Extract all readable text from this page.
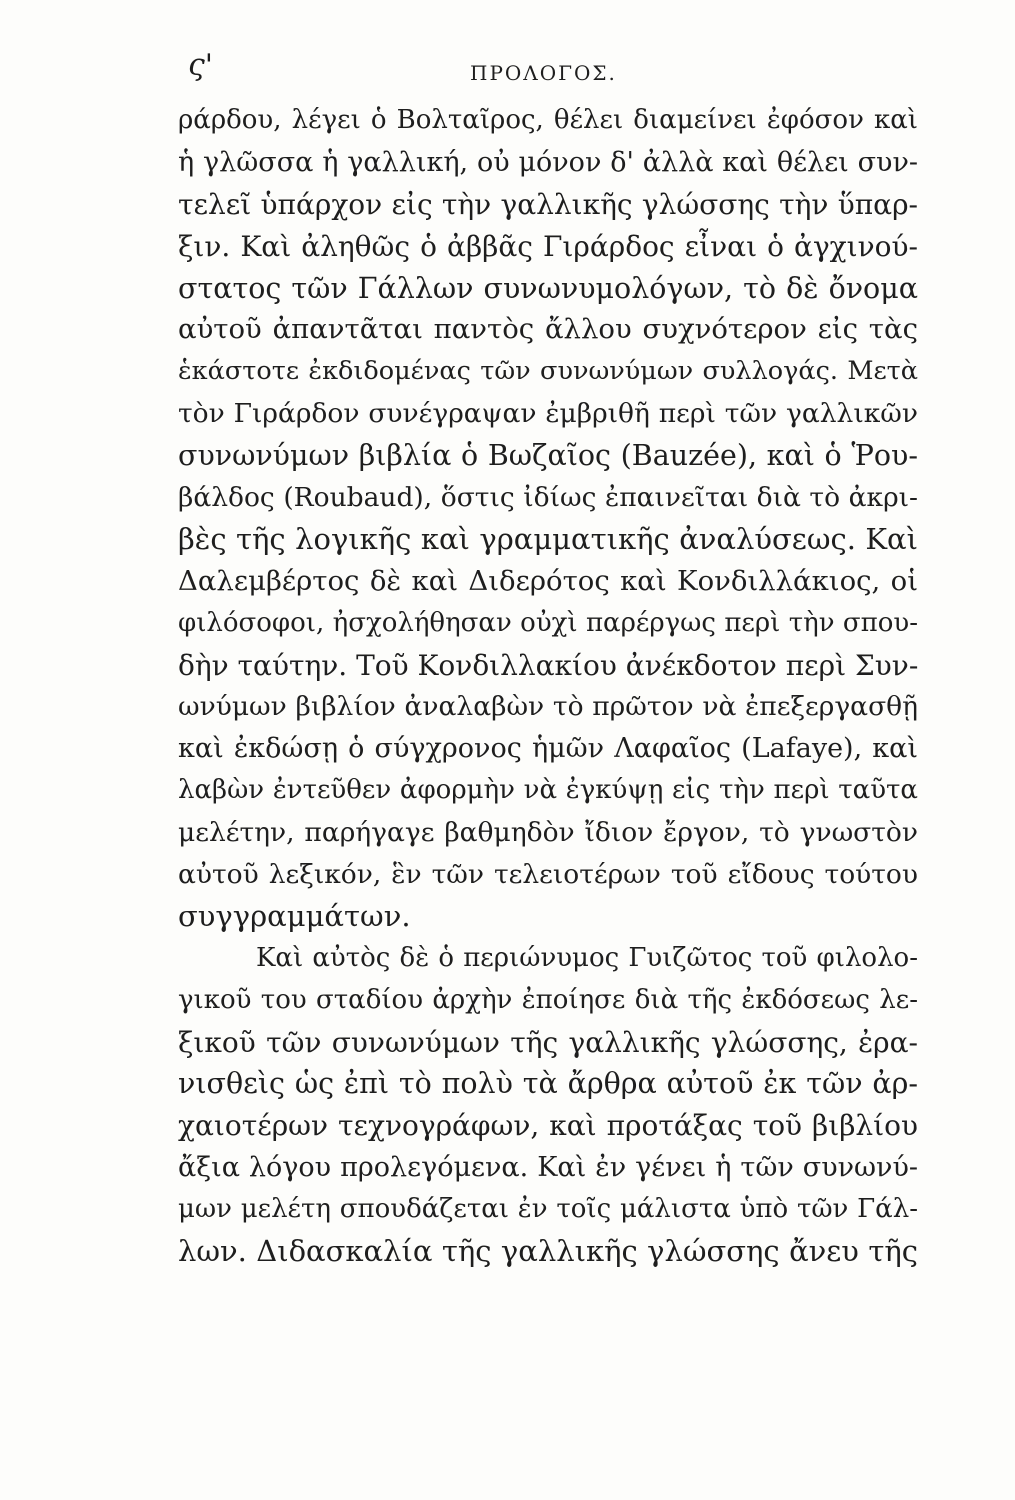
ς'	ΠΡΟΛΟΓΟΣ.
ράρδου, λέγει ὁ Βολταῖρος, θέλει διαμείνει ἐφόσον καὶ
ἡ γλῶσσα ἡ γαλλική, οὐ μόνον δ' ἀλλὰ καὶ θέλει συν-
τελεῖ ὑπάρχον εἰς τὴν γαλλικῆς γλώσσης τὴν ὕπαρ-
ξιν. Καὶ ἀληθῶς ὁ ἀββᾶς Γιράρδος εἶναι ὁ ἀγχινού-
στατος τῶν Γάλλων συνωνυμολόγων, τὸ δὲ ὄνομα
αὐτοῦ ἀπαντᾶται παντὸς ἄλλου συχνότερον εἰς τὰς
ἑκάστοτε ἐκδιδομένας τῶν συνωνύμων συλλογάς. Μετὰ
τὸν Γιράρδον συνέγραψαν ἐμβριθῆ περὶ τῶν γαλλικῶν
συνωνύμων βιβλία ὁ Βωζαῖος (Bauzée), καὶ ὁ Ῥου-
βάλδος (Roubaud), ὅστις ἰδίως ἐπαινεῖται διὰ τὸ ἀκρι-
βὲς τῆς λογικῆς καὶ γραμματικῆς ἀναλύσεως. Καὶ
Δαλεμβέρτος δὲ καὶ Διδερότος καὶ Κονδιλλάκιος, οἱ
φιλόσοφοι, ἠσχολήθησαν οὐχὶ παρέργως περὶ τὴν σπου-
δὴν ταύτην. Τοῦ Κονδιλλακίου ἀνέκδοτον περὶ Συν-
ωνύμων βιβλίον ἀναλαβὼν τὸ πρῶτον νὰ ἐπεξεργασθῇ
καὶ ἐκδώσῃ ὁ σύγχρονος ἡμῶν Λαφαῖος (Lafaye), καὶ
λαβὼν ἐντεῦθεν ἀφορμὴν νὰ ἐγκύψῃ εἰς τὴν περὶ ταῦτα
μελέτην, παρήγαγε βαθμηδὸν ἴδιον ἔργον, τὸ γνωστὸν
αὐτοῦ λεξικόν, ἓν τῶν τελειοτέρων τοῦ εἴδους τούτου
συγγραμμάτων.
Καὶ αὐτὸς δὲ ὁ περιώνυμος Γυιζῶτος τοῦ φιλολο-
γικοῦ του σταδίου ἀρχὴν ἐποίησε διὰ τῆς ἐκδόσεως λε-
ξικοῦ τῶν συνωνύμων τῆς γαλλικῆς γλώσσης, ἐρα-
νισθεὶς ὡς ἐπὶ τὸ πολὺ τὰ ἄρθρα αὐτοῦ ἐκ τῶν ἀρ-
χαιοτέρων τεχνογράφων, καὶ προτάξας τοῦ βιβλίου
ἄξια λόγου προλεγόμενα. Καὶ ἐν γένει ἡ τῶν συνωνύ-
μων μελέτη σπουδάζεται ἐν τοῖς μάλιστα ὑπὸ τῶν Γάλ-
λων. Διδασκαλία τῆς γαλλικῆς γλώσσης ἄνευ τῆς
